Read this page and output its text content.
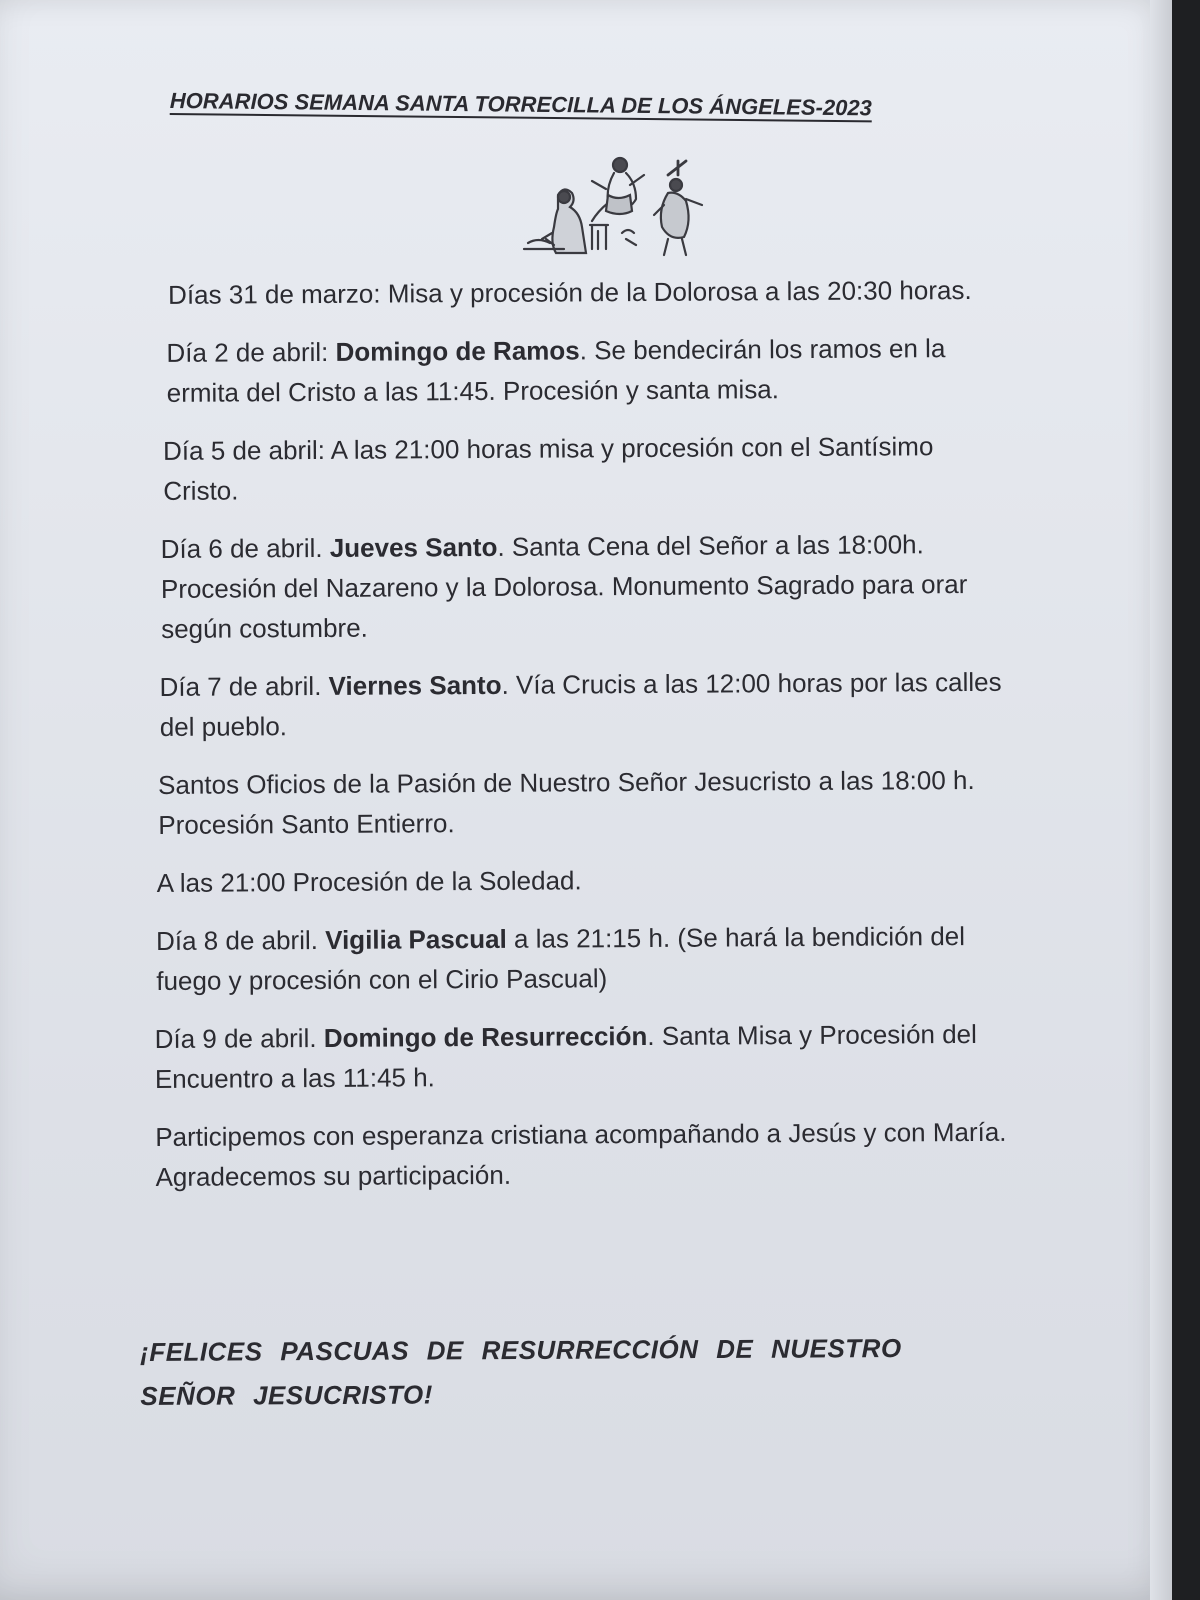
HORARIOS SEMANA SANTA TORRECILLA DE LOS ÁNGELES-2023

Días 31 de marzo: Misa y procesión de la Dolorosa a las 20:30 horas.

Día 2 de abril: Domingo de Ramos. Se bendecirán los ramos en la ermita del Cristo a las 11:45. Procesión y santa misa.

Día 5 de abril: A las 21:00 horas misa y procesión con el Santísimo Cristo.

Día 6 de abril. Jueves Santo. Santa Cena del Señor a las 18:00h. Procesión del Nazareno y la Dolorosa. Monumento Sagrado para orar según costumbre.

Día 7 de abril. Viernes Santo. Vía Crucis a las 12:00 horas por las calles del pueblo.

Santos Oficios de la Pasión de Nuestro Señor Jesucristo a las 18:00 h. Procesión Santo Entierro.

A las 21:00 Procesión de la Soledad.

Día 8 de abril. Vigilia Pascual a las 21:15 h. (Se hará la bendición del fuego y procesión con el Cirio Pascual)

Día 9 de abril. Domingo de Resurrección. Santa Misa y Procesión del Encuentro a las 11:45 h.

Participemos con esperanza cristiana acompañando a Jesús y con María. Agradecemos su participación.

¡FELICES PASCUAS DE RESURRECCIÓN DE NUESTRO SEÑOR JESUCRISTO!
